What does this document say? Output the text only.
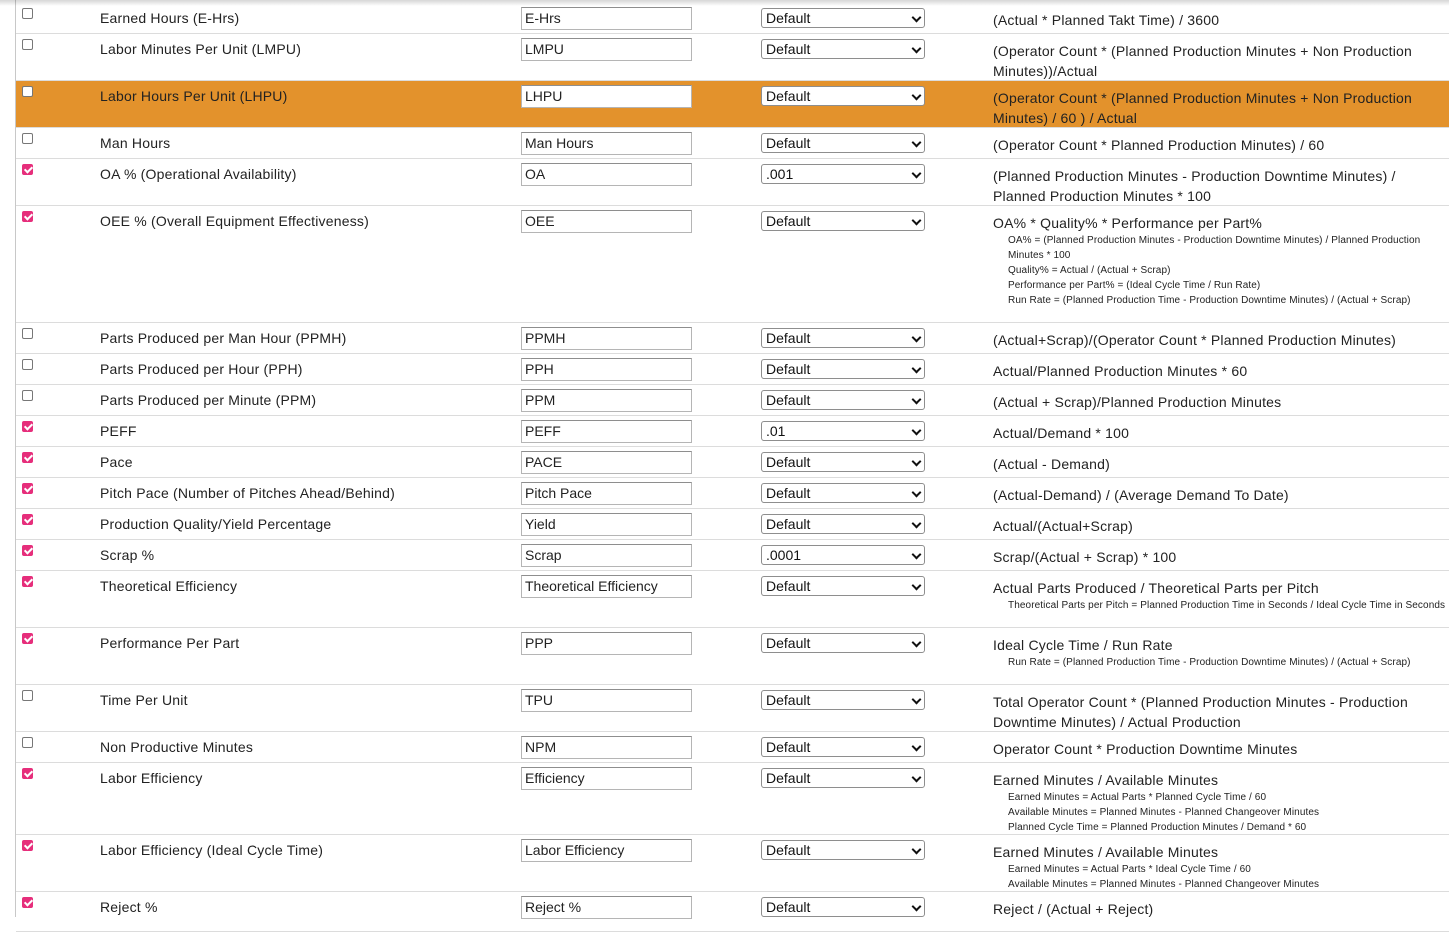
Earned Hours (E-Hrs)	E-Hrs	Default	(Actual * Planned Takt Time) / 3600
Labor Minutes Per Unit (LMPU)	LMPU	Default	(Operator Count * (Planned Production Minutes + Non Production Minutes))/Actual
Labor Hours Per Unit (LHPU)	LHPU	Default	(Operator Count * (Planned Production Minutes + Non Production Minutes) / 60 ) / Actual
Man Hours	Man Hours	Default	(Operator Count * Planned Production Minutes) / 60
OA % (Operational Availability)	OA	.001	(Planned Production Minutes - Production Downtime Minutes) / Planned Production Minutes * 100
OEE % (Overall Equipment Effectiveness)	OEE	Default	OA% * Quality% * Performance per Part%
OA% = (Planned Production Minutes - Production Downtime Minutes) / Planned Production Minutes * 100
Quality% = Actual / (Actual + Scrap)
Performance per Part% = (Ideal Cycle Time / Run Rate)
Run Rate = (Planned Production Time - Production Downtime Minutes) / (Actual + Scrap)
Parts Produced per Man Hour (PPMH)	PPMH	Default	(Actual+Scrap)/(Operator Count * Planned Production Minutes)
Parts Produced per Hour (PPH)	PPH	Default	Actual/Planned Production Minutes * 60
Parts Produced per Minute (PPM)	PPM	Default	(Actual + Scrap)/Planned Production Minutes
PEFF	PEFF	.01	Actual/Demand * 100
Pace	PACE	Default	(Actual - Demand)
Pitch Pace (Number of Pitches Ahead/Behind)	Pitch Pace	Default	(Actual-Demand) / (Average Demand To Date)
Production Quality/Yield Percentage	Yield	Default	Actual/(Actual+Scrap)
Scrap %	Scrap	.0001	Scrap/(Actual + Scrap) * 100
Theoretical Efficiency	Theoretical Efficiency	Default	Actual Parts Produced / Theoretical Parts per Pitch
Theoretical Parts per Pitch = Planned Production Time in Seconds / Ideal Cycle Time in Seconds
Performance Per Part	PPP	Default	Ideal Cycle Time / Run Rate
Run Rate = (Planned Production Time - Production Downtime Minutes) / (Actual + Scrap)
Time Per Unit	TPU	Default	Total Operator Count * (Planned Production Minutes - Production Downtime Minutes) / Actual Production
Non Productive Minutes	NPM	Default	Operator Count * Production Downtime Minutes
Labor Efficiency	Efficiency	Default	Earned Minutes / Available Minutes
Earned Minutes = Actual Parts * Planned Cycle Time / 60
Available Minutes = Planned Minutes - Planned Changeover Minutes
Planned Cycle Time = Planned Production Minutes / Demand * 60
Labor Efficiency (Ideal Cycle Time)	Labor Efficiency	Default	Earned Minutes / Available Minutes
Earned Minutes = Actual Parts * Ideal Cycle Time / 60
Available Minutes = Planned Minutes - Planned Changeover Minutes
Reject %	Reject %	Default	Reject / (Actual + Reject)
